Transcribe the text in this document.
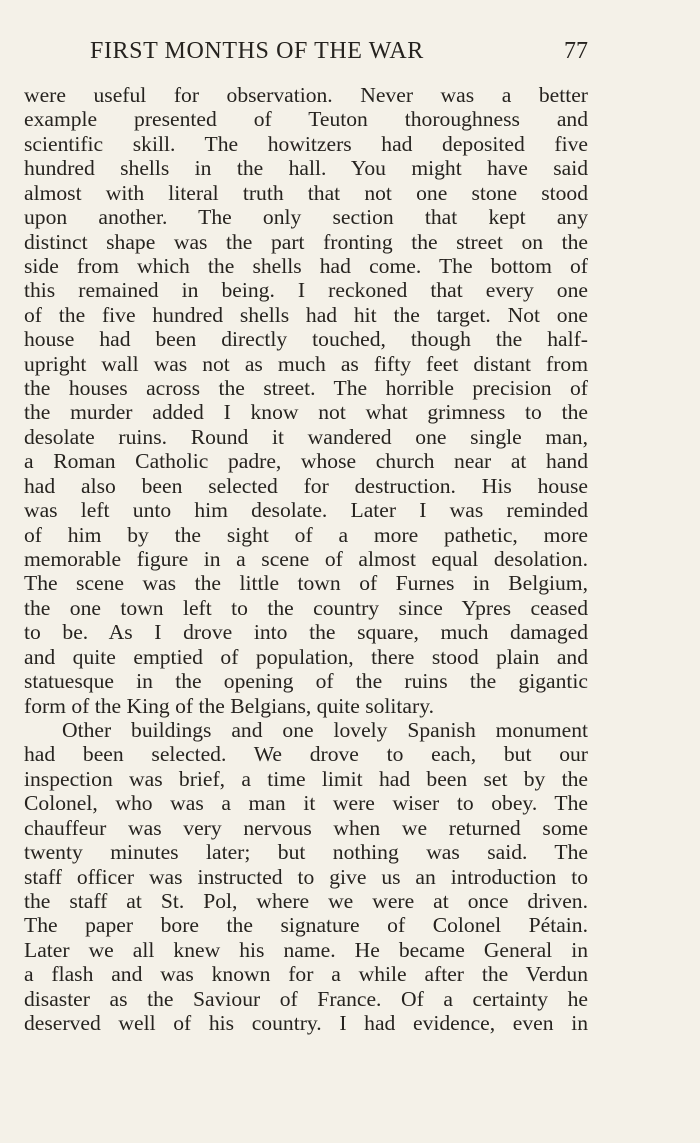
FIRST MONTHS OF THE WAR	77
were useful for observation. Never was a better
example presented of Teuton thoroughness and
scientific skill. The howitzers had deposited five
hundred shells in the hall. You might have said
almost with literal truth that not one stone stood
upon another. The only section that kept any
distinct shape was the part fronting the street on the
side from which the shells had come. The bottom of
this remained in being. I reckoned that every one
of the five hundred shells had hit the target. Not one
house had been directly touched, though the half-
upright wall was not as much as fifty feet distant from
the houses across the street. The horrible precision of
the murder added I know not what grimness to the
desolate ruins. Round it wandered one single man,
a Roman Catholic padre, whose church near at hand
had also been selected for destruction. His house
was left unto him desolate. Later I was reminded
of him by the sight of a more pathetic, more
memorable figure in a scene of almost equal desolation.
The scene was the little town of Furnes in Belgium,
the one town left to the country since Ypres ceased
to be. As I drove into the square, much damaged
and quite emptied of population, there stood plain and
statuesque in the opening of the ruins the gigantic
form of the King of the Belgians, quite solitary.
Other buildings and one lovely Spanish monument
had been selected. We drove to each, but our
inspection was brief, a time limit had been set by the
Colonel, who was a man it were wiser to obey. The
chauffeur was very nervous when we returned some
twenty minutes later; but nothing was said. The
staff officer was instructed to give us an introduction to
the staff at St. Pol, where we were at once driven.
The paper bore the signature of Colonel Pétain.
Later we all knew his name. He became General in
a flash and was known for a while after the Verdun
disaster as the Saviour of France. Of a certainty he
deserved well of his country. I had evidence, even in
